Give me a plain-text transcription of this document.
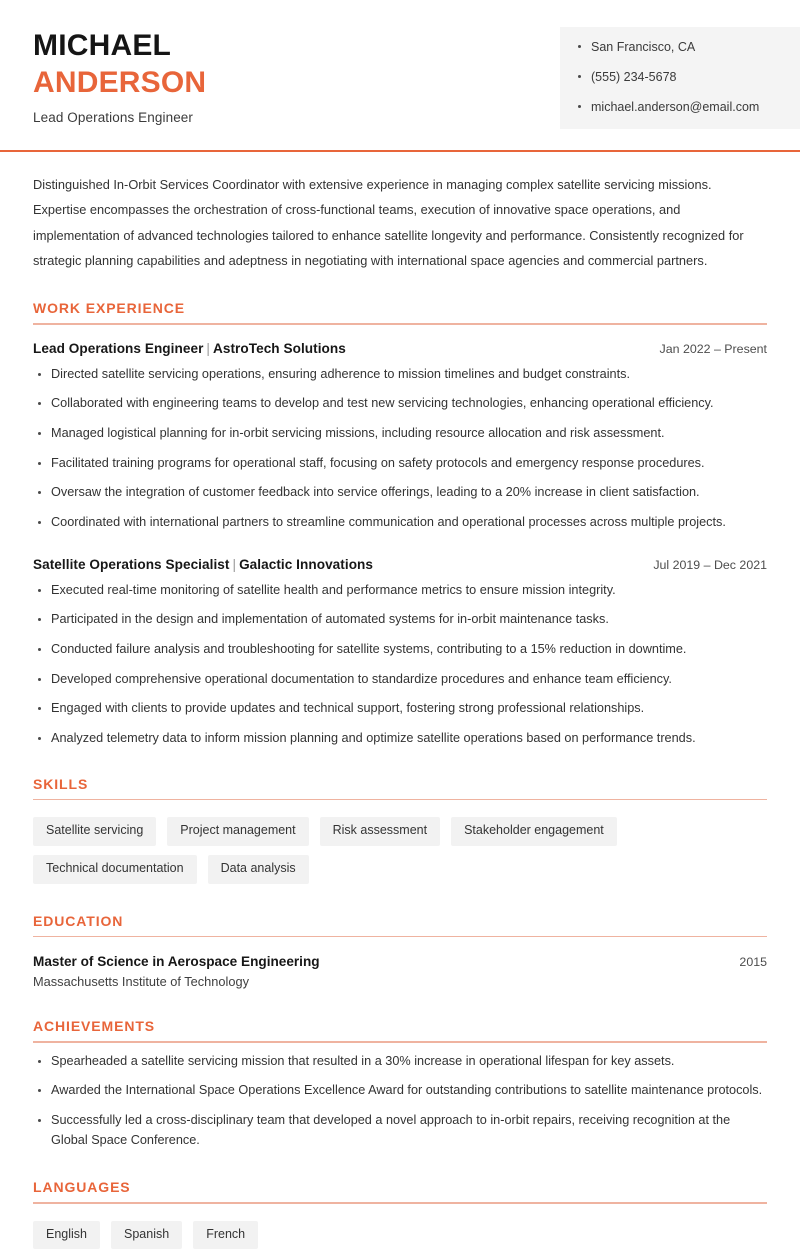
MICHAEL
ANDERSON
Lead Operations Engineer
San Francisco, CA
(555) 234-5678
michael.anderson@email.com

Distinguished In-Orbit Services Coordinator with extensive experience in managing complex satellite servicing missions. Expertise encompasses the orchestration of cross-functional teams, execution of innovative space operations, and implementation of advanced technologies tailored to enhance satellite longevity and performance. Consistently recognized for strategic planning capabilities and adeptness in negotiating with international space agencies and commercial partners.

WORK EXPERIENCE
Lead Operations Engineer | AstroTech Solutions	Jan 2022 – Present
Directed satellite servicing operations, ensuring adherence to mission timelines and budget constraints.
Collaborated with engineering teams to develop and test new servicing technologies, enhancing operational efficiency.
Managed logistical planning for in-orbit servicing missions, including resource allocation and risk assessment.
Facilitated training programs for operational staff, focusing on safety protocols and emergency response procedures.
Oversaw the integration of customer feedback into service offerings, leading to a 20% increase in client satisfaction.
Coordinated with international partners to streamline communication and operational processes across multiple projects.
Satellite Operations Specialist | Galactic Innovations	Jul 2019 – Dec 2021
Executed real-time monitoring of satellite health and performance metrics to ensure mission integrity.
Participated in the design and implementation of automated systems for in-orbit maintenance tasks.
Conducted failure analysis and troubleshooting for satellite systems, contributing to a 15% reduction in downtime.
Developed comprehensive operational documentation to standardize procedures and enhance team efficiency.
Engaged with clients to provide updates and technical support, fostering strong professional relationships.
Analyzed telemetry data to inform mission planning and optimize satellite operations based on performance trends.
SKILLS
Satellite servicing	Project management	Risk assessment	Stakeholder engagement
Technical documentation	Data analysis
EDUCATION
Master of Science in Aerospace Engineering	2015
Massachusetts Institute of Technology
ACHIEVEMENTS
Spearheaded a satellite servicing mission that resulted in a 30% increase in operational lifespan for key assets.
Awarded the International Space Operations Excellence Award for outstanding contributions to satellite maintenance protocols.
Successfully led a cross-disciplinary team that developed a novel approach to in-orbit repairs, receiving recognition at the Global Space Conference.
LANGUAGES
English	Spanish	French
